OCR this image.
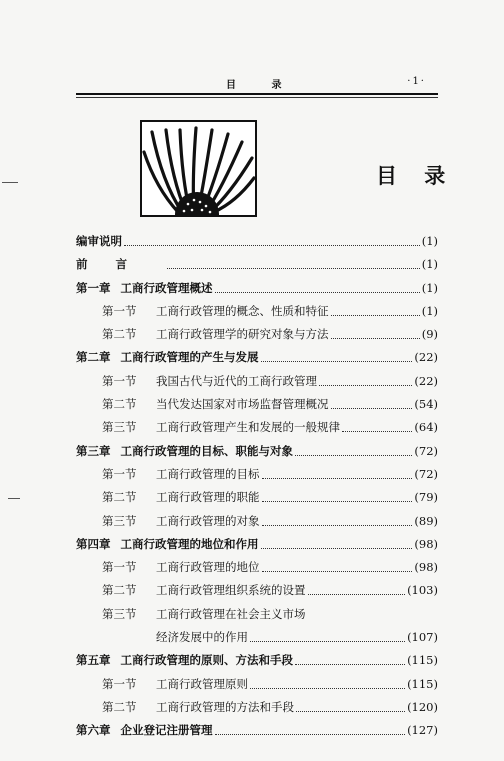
目 录	·1·
目 录
编审说明	(1)
前言	(1)
第一章 工商行政管理概述	(1)
第一节	工商行政管理的概念、性质和特征	(1)
第二节	工商行政管理学的研究对象与方法	(9)
第二章 工商行政管理的产生与发展	(22)
第一节	我国古代与近代的工商行政管理	(22)
第二节	当代发达国家对市场监督管理概况	(54)
第三节	工商行政管理产生和发展的一般规律	(64)
第三章 工商行政管理的目标、职能与对象	(72)
第一节	工商行政管理的目标	(72)
第二节	工商行政管理的职能	(79)
第三节	工商行政管理的对象	(89)
第四章 工商行政管理的地位和作用	(98)
第一节	工商行政管理的地位	(98)
第二节	工商行政管理组织系统的设置	(103)
第三节	工商行政管理在社会主义市场
经济发展中的作用	(107)
第五章 工商行政管理的原则、方法和手段	(115)
第一节	工商行政管理原则	(115)
第二节	工商行政管理的方法和手段	(120)
第六章 企业登记注册管理	(127)
